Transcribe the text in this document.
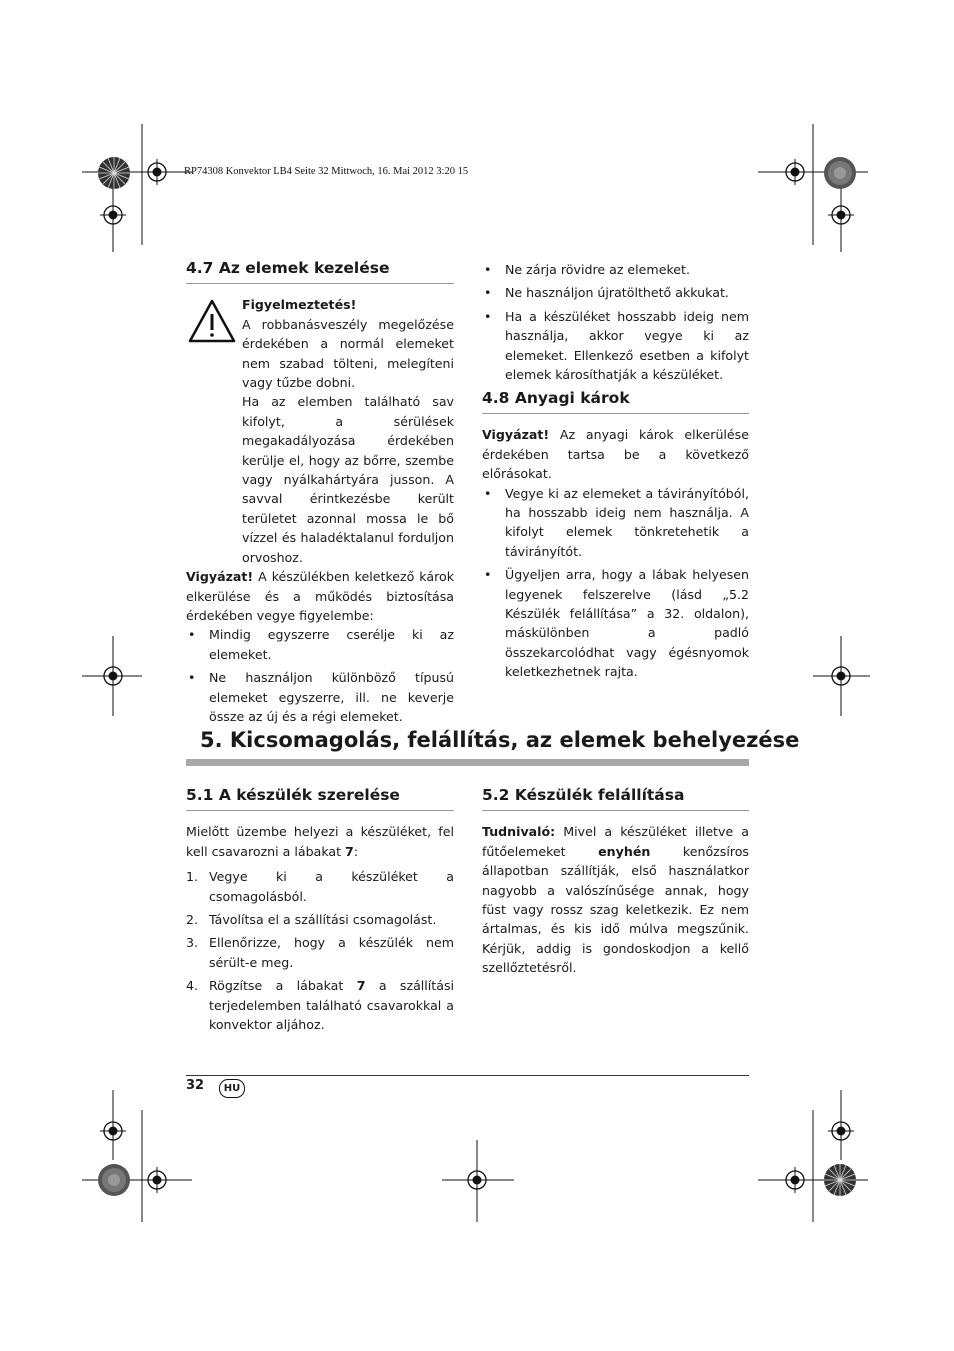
RP74308 Konvektor LB4 Seite 32 Mittwoch, 16. Mai 2012 3:20 15
4.7 Az elemek kezelése

Figyelmeztetés!

A robbanásveszély megelőzése érdekében a normál elemeket nem szabad tölteni, melegíteni vagy tűzbe dobni.

Ha az elemben található sav kifolyt, a sérülések megakadályozása érdekében kerülje el, hogy az bőrre, szembe vagy nyálkahártyára jusson. A savval érintkezésbe került területet azonnal mossa le bő vízzel és haladéktalanul forduljon orvoshoz.

Vigyázat! A készülékben keletkező károk elkerülése és a működés biztosítása érdekében vegye figyelembe:

• Mindig egyszerre cserélje ki az elemeket.
• Ne használjon különböző típusú elemeket egyszerre, ill. ne keverje össze az új és a régi elemeket.
• Ne zárja rövidre az elemeket.
• Ne használjon újratölthető akkukat.
• Ha a készüléket hosszabb ideig nem használja, akkor vegye ki az elemeket. Ellenkező esetben a kifolyt elemek károsíthatják a készüléket.
4.8 Anyagi károk

Vigyázat! Az anyagi károk elkerülése érdekében tartsa be a következő előrásokat.

• Vegye ki az elemeket a távirányítóból, ha hosszabb ideig nem használja. A kifolyt elemek tönkretehetik a távirányítót.
• Ügyeljen arra, hogy a lábak helyesen legyenek felszerelve (lásd „5.2 Készülék felállítása” a 32. oldalon), máskülönben a padló összekarcolódhat vagy égésnyomok keletkezhetnek rajta.
5. Kicsomagolás, felállítás, az elemek behelyezése
5.1 A készülék szerelése

Mielőtt üzembe helyezi a készüléket, fel kell csavarozni a lábakat 7:

1. Vegye ki a készüléket a csomagolásból.
2. Távolítsa el a szállítási csomagolást.
3. Ellenőrizze, hogy a készülék nem sérült-e meg.
4. Rögzítse a lábakat 7 a szállítási terjedelemben található csavarokkal a konvektor aljához.
5.2 Készülék felállítása

Tudnivaló: Mivel a készüléket illetve a fűtőelemeket enyhén kenőzsíros állapotban szállítják, első használatkor nagyobb a valószínűsége annak, hogy füst vagy rossz szag keletkezik. Ez nem ártalmas, és kis idő múlva megszűnik. Kérjük, addig is gondoskodjon a kellő szellőztetésről.

32	HU
